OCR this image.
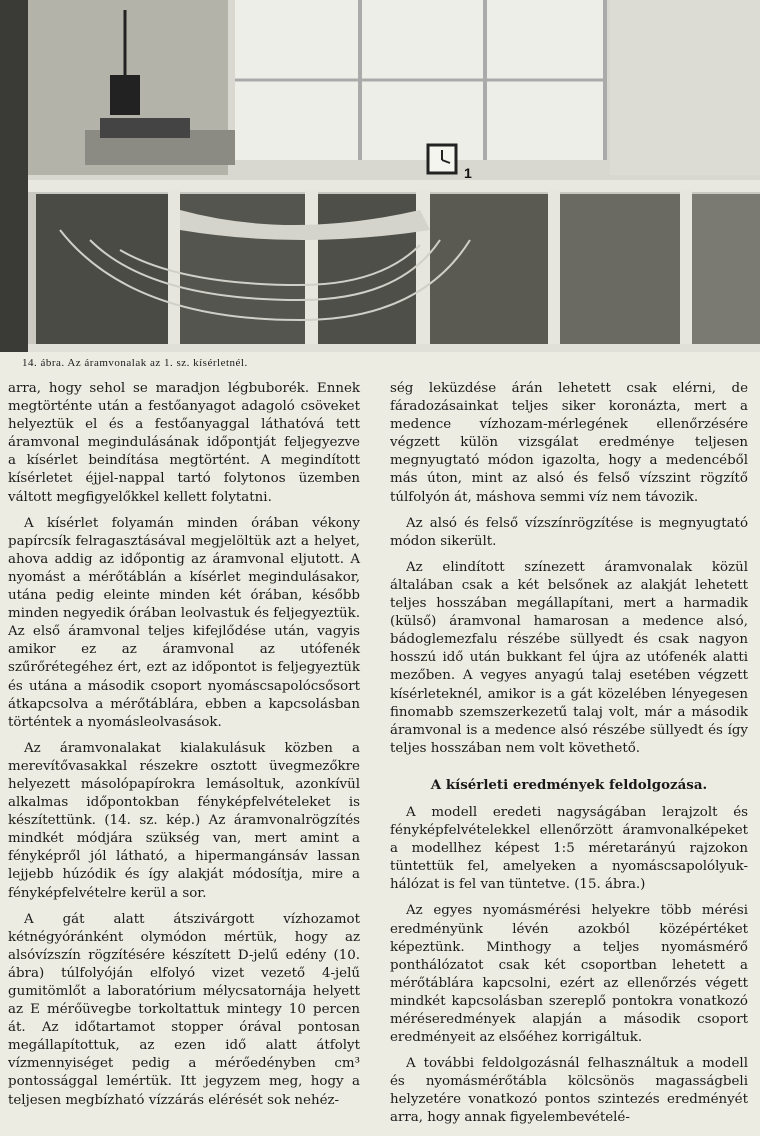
1
14. ábra. Az áramvonalak az 1. sz. kísérletnél.

arra, hogy sehol se maradjon légbuborék. Ennek megtörténte után a festőanyagot adagoló csöveket helyeztük el és a festőanyaggal láthatóvá tett áramvonal megindulásának időpontját feljegyezve a kísérlet beindítása megtörtént. A megindított kísérletet éjjel-nappal tartó folytonos üzemben váltott megfigyelőkkel kellett folytatni.

A kísérlet folyamán minden órában vékony papírcsík felragasztásával megjelöltük azt a helyet, ahova addig az időpontig az áramvonal eljutott. A nyomást a mérőtáblán a kísérlet megindulásakor, utána pedig eleinte minden két órában, később minden negyedik órában leolvastuk és feljegyeztük. Az első áramvonal teljes kifejlődése után, vagyis amikor ez az áramvonal az utófenék szűrőrétegéhez ért, ezt az időpontot is feljegyeztük és utána a második csoport nyomáscsapolócsősort átkapcsolva a mérőtáblára, ebben a kapcsolásban történtek a nyomásleolvasások.

Az áramvonalakat kialakulásuk közben a merevítővasakkal részekre osztott üvegmezőkre helyezett másolópapírokra lemásoltuk, azonkívül alkalmas időpontokban fényképfelvételeket is készítettünk. (14. sz. kép.) Az áramvonalrögzítés mindkét módjára szükség van, mert amint a fényképről jól látható, a hipermangánsáv lassan lejjebb húzódik és így alakját módosítja, mire a fényképfelvételre kerül a sor.

A gát alatt átszivárgott vízhozamot kétnégyóránként olymódon mértük, hogy az alsóvízszín rögzítésére készített D-jelű edény (10. ábra) túlfolyóján elfolyó vizet vezető 4-jelű gumitömlőt a laboratórium mélycsatornája helyett az E mérőüvegbe torkoltattuk mintegy 10 percen át. Az időtartamot stopper órával pontosan megállapítottuk, az ezen idő alatt átfolyt vízmennyiséget pedig a mérőedényben cm³ pontossággal lemértük. Itt jegyzem meg, hogy a teljesen megbízható vízzárás elérését sok nehéz-

ség leküzdése árán lehetett csak elérni, de fáradozásainkat teljes siker koronázta, mert a medence vízhozam-mérlegének ellenőrzésére végzett külön vizsgálat eredménye teljesen megnyugtató módon igazolta, hogy a medencéből más úton, mint az alsó és felső vízszint rögzítő túlfolyón át, máshova semmi víz nem távozik.

Az alsó és felső vízszínrögzítése is megnyugtató módon sikerült.

Az elindított színezett áramvonalak közül általában csak a két belsőnek az alakját lehetett teljes hosszában megállapítani, mert a harmadik (külső) áramvonal hamarosan a medence alsó, bádoglemezfalu részébe süllyedt és csak nagyon hosszú idő után bukkant fel újra az utófenék alatti mezőben. A vegyes anyagú talaj esetében végzett kísérleteknél, amikor is a gát közelében lényegesen finomabb szemszerkezetű talaj volt, már a második áramvonal is a medence alsó részébe süllyedt és így teljes hosszában nem volt követhető.

A kísérleti eredmények feldolgozása.

A modell eredeti nagyságában lerajzolt és fényképfelvételekkel ellenőrzött áramvonalképeket a modellhez képest 1:5 méretarányú rajzokon tüntettük fel, amelyeken a nyomáscsapolólyuk-hálózat is fel van tüntetve. (15. ábra.)

Az egyes nyomásmérési helyekre több mérési eredményünk lévén azokból középértéket képeztünk. Minthogy a teljes nyomásmérő ponthálózatot csak két csoportban lehetett a mérőtáblára kapcsolni, ezért az ellenőrzés végett mindkét kapcsolásban szereplő pontokra vonatkozó méréseredmények alapján a második csoport eredményeit az elsőéhez korrigáltuk.

A további feldolgozásnál felhasználtuk a modell és nyomásmérőtábla kölcsönös magasságbeli helyzetére vonatkozó pontos szintezés eredményét arra, hogy annak figyelembevételé-
